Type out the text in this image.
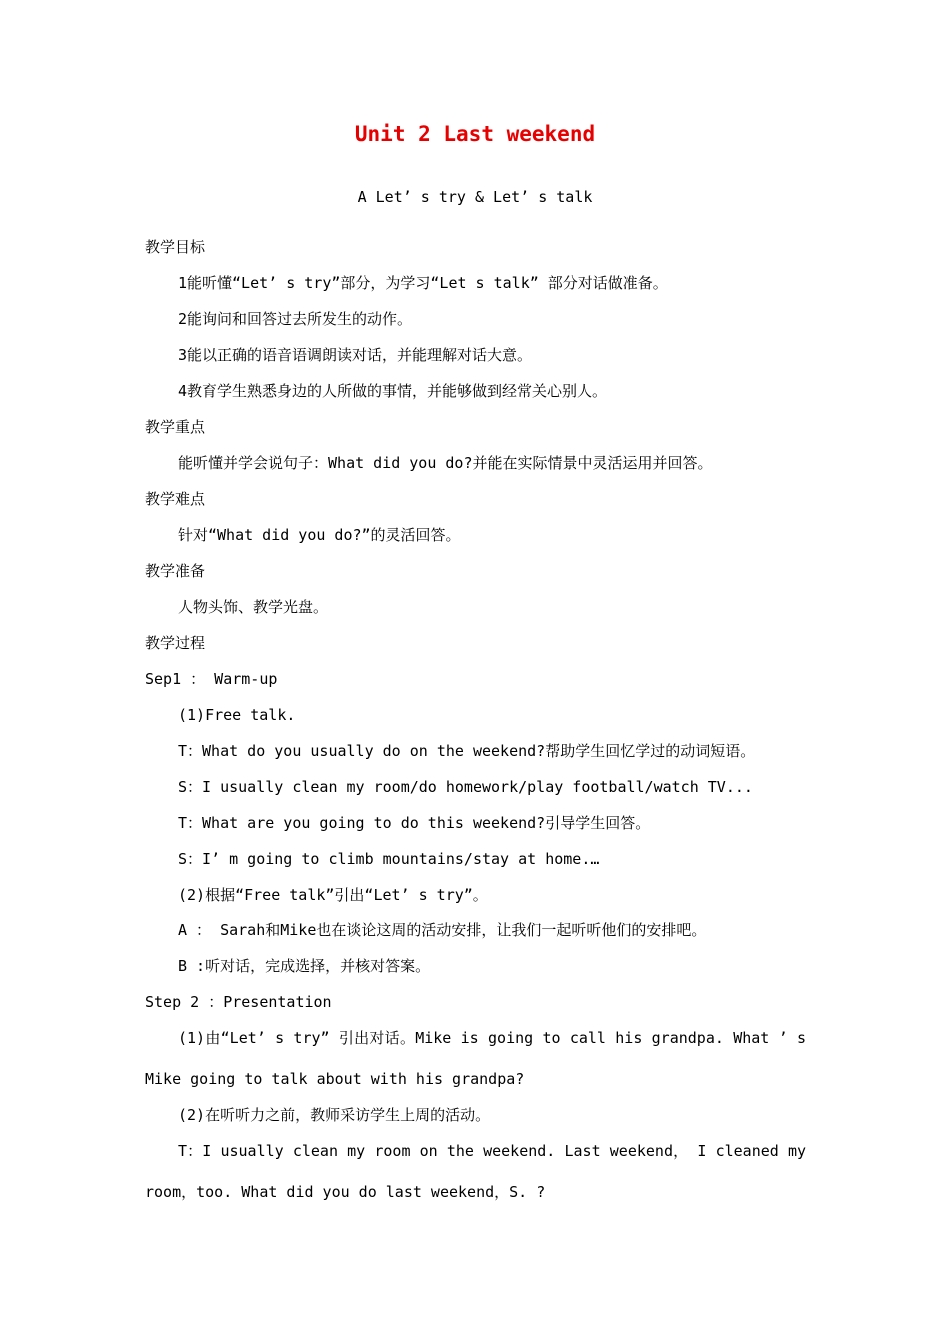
Unit 2 Last weekend
A Let’ s try & Let’ s talk
教学目标
1能听懂“Let’ s try”部分，为学习“Let s talk” 部分对话做准备。
2能询问和回答过去所发生的动作。
3能以正确的语音语调朗读对话，并能理解对话大意。
4教育学生熟悉身边的人所做的事情，并能够做到经常关心别人。
教学重点
能听懂并学会说句子：What did you do?并能在实际情景中灵活运用并回答。
教学难点
针对“What did you do?”的灵活回答。
教学准备
人物头饰、教学光盘。
教学过程
Sep1 ： Warm-up
(1)Free talk.
T：What do you usually do on the weekend?帮助学生回忆学过的动词短语。
S：I usually clean my room/do homework/play football/watch TV...
T：What are you going to do this weekend?引导学生回答。
S：I’ m going to climb mountains/stay at home.…
(2)根据“Free talk”引出“Let’ s try”。
A ： Sarah和Mike也在谈论这周的活动安排，让我们一起听听他们的安排吧。
B :听对话，完成选择，并核对答案。
Step 2 ：Presentation
(1)由“Let’ s try” 引出对话。Mike is going to call his grandpa. What ’ s
Mike going to talk about with his grandpa?
(2)在听听力之前，教师采访学生上周的活动。
T：I usually clean my room on the weekend. Last weekend， I cleaned my
room，too. What did you do last weekend，S. ?
